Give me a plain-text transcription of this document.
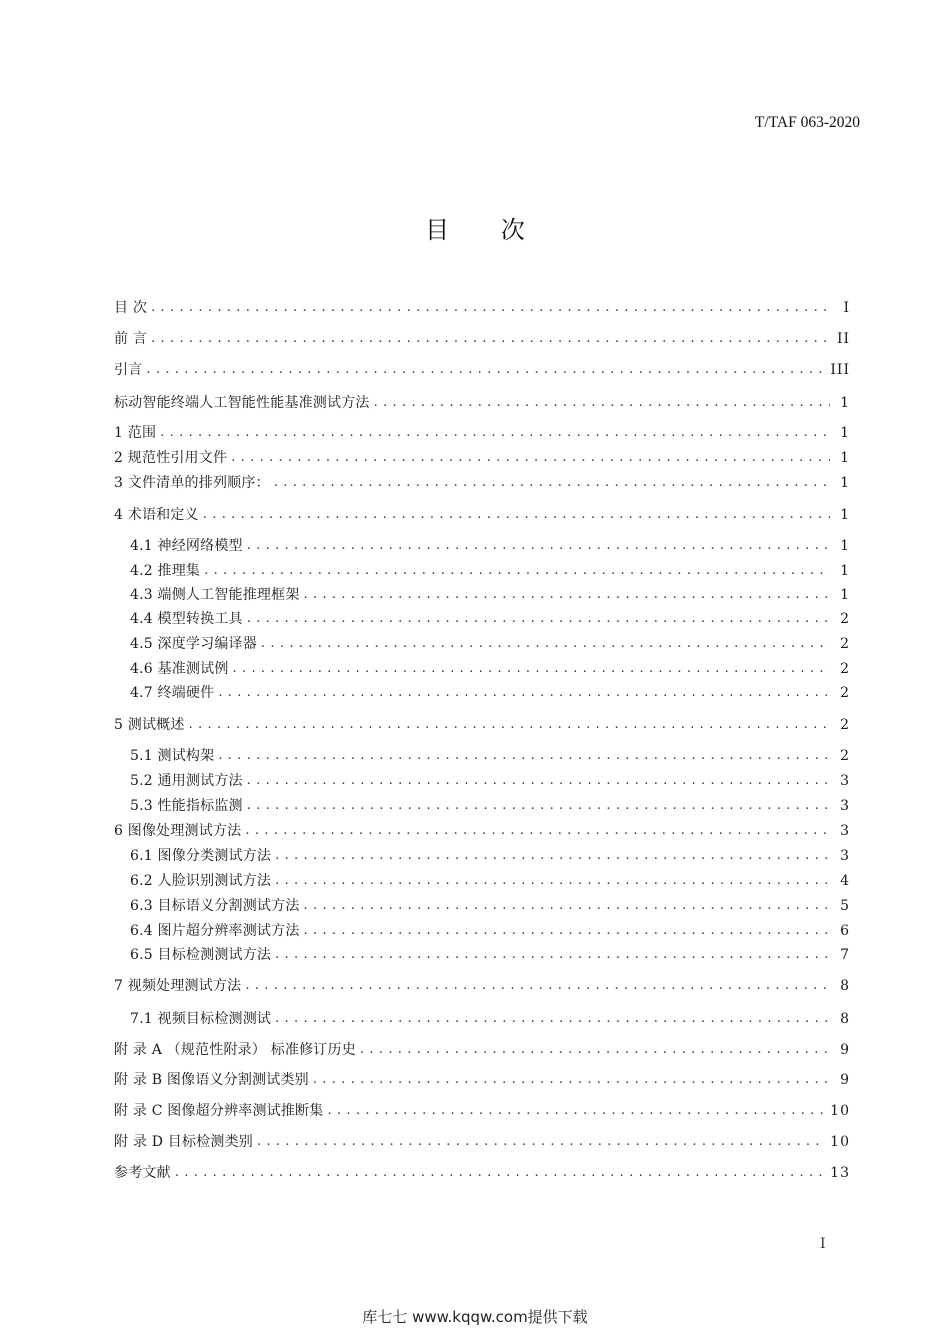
T/TAF 063-2020
目 次
目 次 . . .	I
前 言 . . .	II
引言 . . .	III
标动智能终端人工智能性能基准测试方法 . . .	1
1 范围 . . .	1
2 规范性引用文件 . . .	1
3 文件清单的排列顺序： . . .	1
4 术语和定义 . . .	1
4.1 神经网络模型 . . .	1
4.2 推理集 . . .	1
4.3 端侧人工智能推理框架 . . .	1
4.4 模型转换工具 . . .	2
4.5 深度学习编译器 . . .	2
4.6 基准测试例 . . .	2
4.7 终端硬件 . . .	2
5 测试概述 . . .	2
5.1 测试构架 . . .	2
5.2 通用测试方法 . . .	3
5.3 性能指标监测 . . .	3
6 图像处理测试方法 . . .	3
6.1 图像分类测试方法 . . .	3
6.2 人脸识别测试方法 . . .	4
6.3 目标语义分割测试方法 . . .	5
6.4 图片超分辨率测试方法 . . .	6
6.5 目标检测测试方法 . . .	7
7 视频处理测试方法 . . .	8
7.1 视频目标检测测试 . . .	8
附 录 A （规范性附录） 标准修订历史 . . .	9
附 录 B 图像语义分割测试类别 . . .	9
附 录 C 图像超分辨率测试推断集 . . .	10
附 录 D 目标检测类别 . . .	10
参考文献 . . .	13
I
库七七 www.kqqw.com提供下载
